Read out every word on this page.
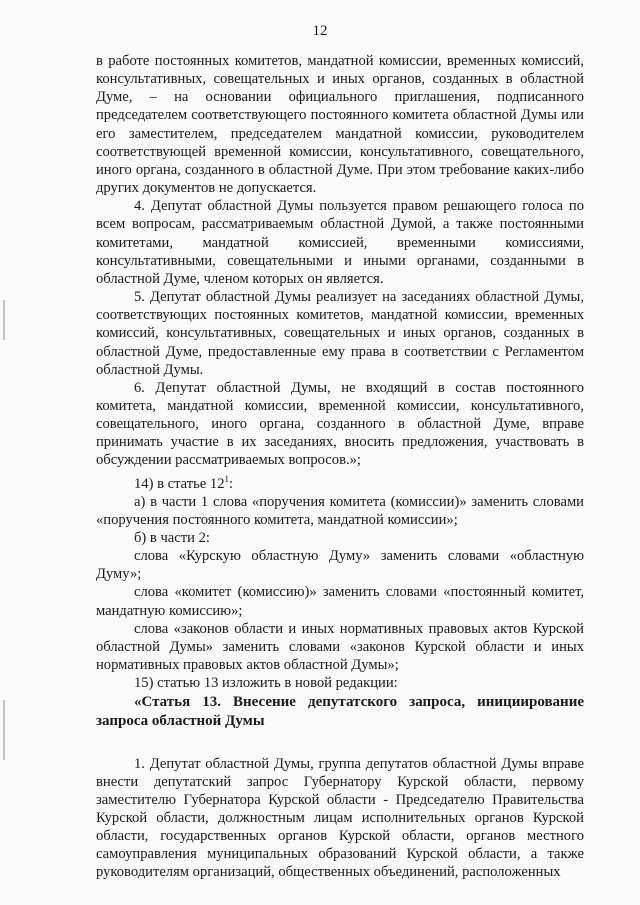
12

в работе постоянных комитетов, мандатной комиссии, временных комиссий, консультативных, совещательных и иных органов, созданных в областной Думе, – на основании официального приглашения, подписанного председателем соответствующего постоянного комитета областной Думы или его заместителем, председателем мандатной комиссии, руководителем соответствующей временной комиссии, консультативного, совещательного, иного органа, созданного в областной Думе. При этом требование каких-либо других документов не допускается.

4. Депутат областной Думы пользуется правом решающего голоса по всем вопросам, рассматриваемым областной Думой, а также постоянными комитетами, мандатной комиссией, временными комиссиями, консультативными, совещательными и иными органами, созданными в областной Думе, членом которых он является.

5. Депутат областной Думы реализует на заседаниях областной Думы, соответствующих постоянных комитетов, мандатной комиссии, временных комиссий, консультативных, совещательных и иных органов, созданных в областной Думе, предоставленные ему права в соответствии с Регламентом областной Думы.

6. Депутат областной Думы, не входящий в состав постоянного комитета, мандатной комиссии, временной комиссии, консультативного, совещательного, иного органа, созданного в областной Думе, вправе принимать участие в их заседаниях, вносить предложения, участвовать в обсуждении рассматриваемых вопросов.»;

14) в статье $12^1$:

а) в части 1 слова «поручения комитета (комиссии)» заменить словами «поручения постоянного комитета, мандатной комиссии»;

б) в части 2:

слова «Курскую областную Думу» заменить словами «областную Думу»;

слова «комитет (комиссию)» заменить словами «постоянный комитет, мандатную комиссию»;

слова «законов области и иных нормативных правовых актов Курской областной Думы» заменить словами «законов Курской области и иных нормативных правовых актов областной Думы»;

15) статью 13 изложить в новой редакции:

«Статья 13. Внесение депутатского запроса, инициирование запроса областной Думы

1. Депутат областной Думы, группа депутатов областной Думы вправе внести депутатский запрос Губернатору Курской области, первому заместителю Губернатора Курской области - Председателю Правительства Курской области, должностным лицам исполнительных органов Курской области, государственных органов Курской области, органов местного самоуправления муниципальных образований Курской области, а также руководителям организаций, общественных объединений, расположенных
